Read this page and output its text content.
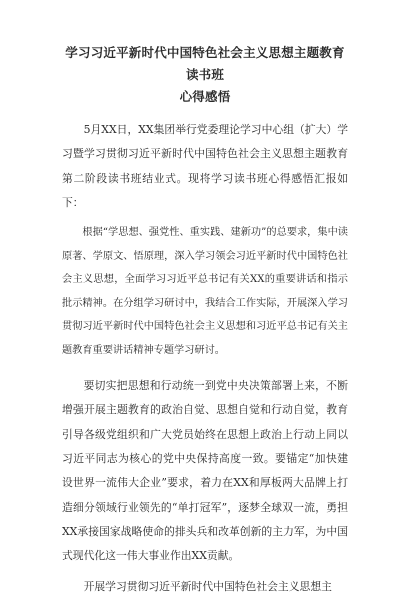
学习习近平新时代中国特色社会主义思想主题教育读书班
心得感悟

5月XX日，XX集团举行党委理论学习中心组（扩大）学习暨学习贯彻习近平新时代中国特色社会主义思想主题教育第二阶段读书班结业式。现将学习读书班心得感悟汇报如下：

根据“学思想、强党性、重实践、建新功”的总要求，集中读原著、学原文、悟原理，深入学习领会习近平新时代中国特色社会主义思想，全面学习习近平总书记有关XX的重要讲话和指示批示精神。在分组学习研讨中，我结合工作实际，开展深入学习贯彻习近平新时代中国特色社会主义思想和习近平总书记有关主题教育重要讲话精神专题学习研讨。

要切实把思想和行动统一到党中央决策部署上来，不断增强开展主题教育的政治自觉、思想自觉和行动自觉，教育引导各级党组织和广大党员始终在思想上政治上行动上同以习近平同志为核心的党中央保持高度一致。要锚定“加快建设世界一流伟大企业”要求，着力在XX和厚板两大品牌上打造细分领域行业领先的“单打冠军”，逐梦全球双一流，勇担XX承接国家战略使命的排头兵和改革创新的主力军，为中国式现代化这一伟大事业作出XX贡献。

开展学习贯彻习近平新时代中国特色社会主义思想主
